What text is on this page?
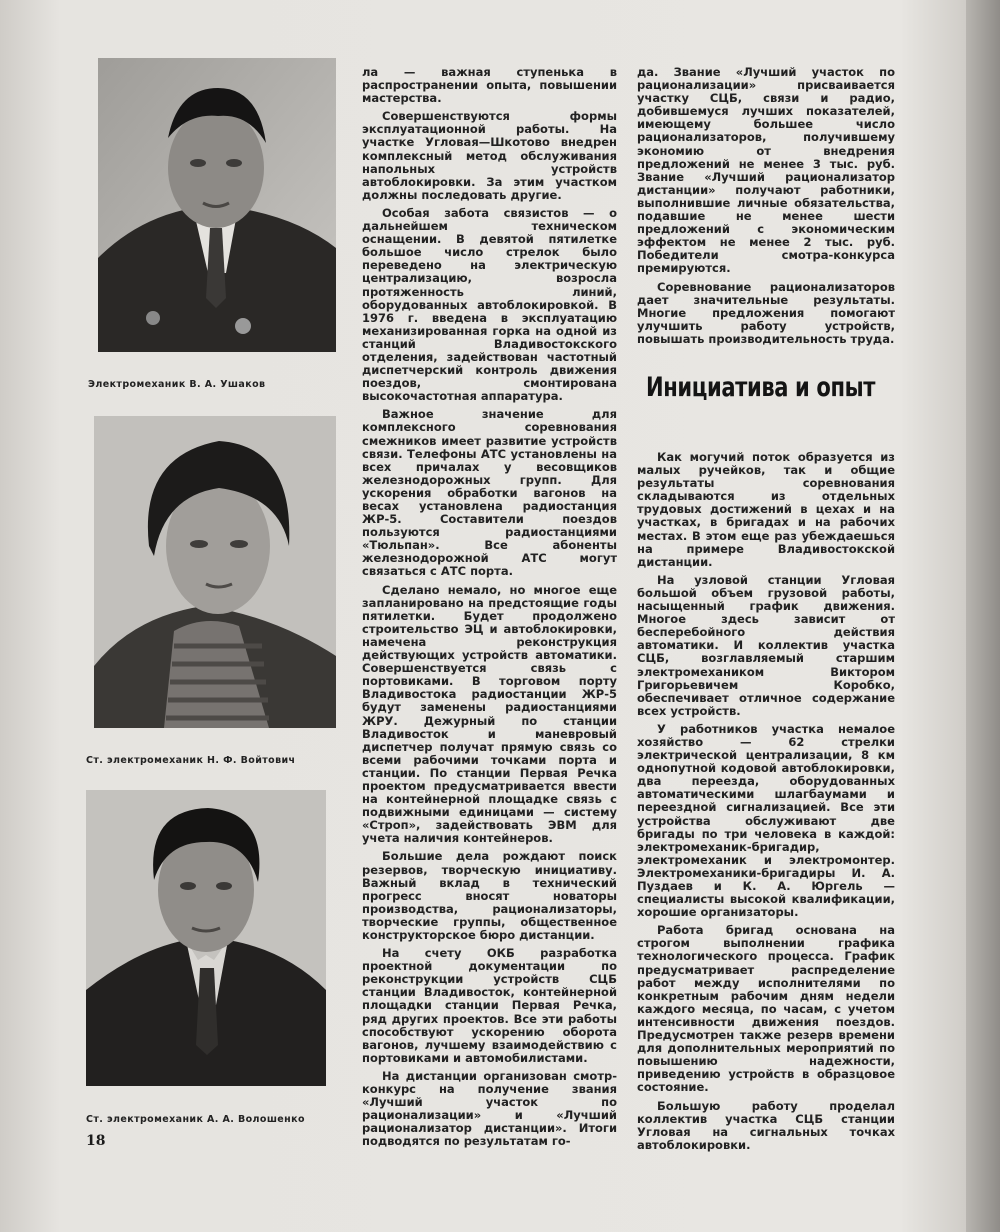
Электромеханик В. А. Ушаков
Ст. электромеханик Н. Ф. Войтович
Ст. электромеханик А. А. Волошенко
18

ла — важная ступенька в распространении опыта, повышении мастерства.

Совершенствуются формы эксплуатационной работы. На участке Угловая—Шкотово внедрен комплексный метод обслуживания напольных устройств автоблокировки. За этим участком должны последовать другие.

Особая забота связистов — о дальнейшем техническом оснащении. В девятой пятилетке большое число стрелок было переведено на электрическую централизацию, возросла протяженность линий, оборудованных автоблокировкой. В 1976 г. введена в эксплуатацию механизированная горка на одной из станций Владивостокского отделения, задействован частотный диспетчерский контроль движения поездов, смонтирована высокочастотная аппаратура.

Важное значение для комплексного соревнования смежников имеет развитие устройств связи. Телефоны АТС установлены на всех причалах у весовщиков железнодорожных групп. Для ускорения обработки вагонов на весах установлена радиостанция ЖР-5. Составители поездов пользуются радиостанциями «Тюльпан». Все абоненты железнодорожной АТС могут связаться с АТС порта.

Сделано немало, но многое еще запланировано на предстоящие годы пятилетки. Будет продолжено строительство ЭЦ и автоблокировки, намечена реконструкция действующих устройств автоматики. Совершенствуется связь с портовиками. В торговом порту Владивостока радиостанции ЖР-5 будут заменены радиостанциями ЖРУ. Дежурный по станции Владивосток и маневровый диспетчер получат прямую связь со всеми рабочими точками порта и станции. По станции Первая Речка проектом предусматривается ввести на контейнерной площадке связь с подвижными единицами — систему «Строп», задействовать ЭВМ для учета наличия контейнеров.

Большие дела рождают поиск резервов, творческую инициативу. Важный вклад в технический прогресс вносят новаторы производства, рационализаторы, творческие группы, общественное конструкторское бюро дистанции.

На счету ОКБ разработка проектной документации по реконструкции устройств СЦБ станции Владивосток, контейнерной площадки станции Первая Речка, ряд других проектов. Все эти работы способствуют ускорению оборота вагонов, лучшему взаимодействию с портовиками и автомобилистами.

На дистанции организован смотр-конкурс на получение звания «Лучший участок по рационализации» и «Лучший рационализатор дистанции». Итоги подводятся по результатам го-

да. Звание «Лучший участок по рационализации» присваивается участку СЦБ, связи и радио, добившемуся лучших показателей, имеющему большее число рационализаторов, получившему экономию от внедрения предложений не менее 3 тыс. руб. Звание «Лучший рационализатор дистанции» получают работники, выполнившие личные обязательства, подавшие не менее шести предложений с экономическим эффектом не менее 2 тыс. руб. Победители смотра-конкурса премируются.

Соревнование рационализаторов дает значительные результаты. Многие предложения помогают улучшить работу устройств, повышать производительность труда.

Инициатива и опыт

Как могучий поток образуется из малых ручейков, так и общие результаты соревнования складываются из отдельных трудовых достижений в цехах и на участках, в бригадах и на рабочих местах. В этом еще раз убеждаешься на примере Владивостокской дистанции.

На узловой станции Угловая большой объем грузовой работы, насыщенный график движения. Многое здесь зависит от бесперебойного действия автоматики. И коллектив участка СЦБ, возглавляемый старшим электромехаником Виктором Григорьевичем Коробко, обеспечивает отличное содержание всех устройств.

У работников участка немалое хозяйство — 62 стрелки электрической централизации, 8 км однопутной кодовой автоблокировки, два переезда, оборудованных автоматическими шлагбаумами и переездной сигнализацией. Все эти устройства обслуживают две бригады по три человека в каждой: электромеханик-бригадир, электромеханик и электромонтер. Электромеханики-бригадиры И. А. Пуздаев и К. А. Юргель — специалисты высокой квалификации, хорошие организаторы.

Работа бригад основана на строгом выполнении графика технологического процесса. График предусматривает распределение работ между исполнителями по конкретным рабочим дням недели каждого месяца, по часам, с учетом интенсивности движения поездов. Предусмотрен также резерв времени для дополнительных мероприятий по повышению надежности, приведению устройств в образцовое состояние.

Большую работу проделал коллектив участка СЦБ станции Угловая на сигнальных точках автоблокировки.
